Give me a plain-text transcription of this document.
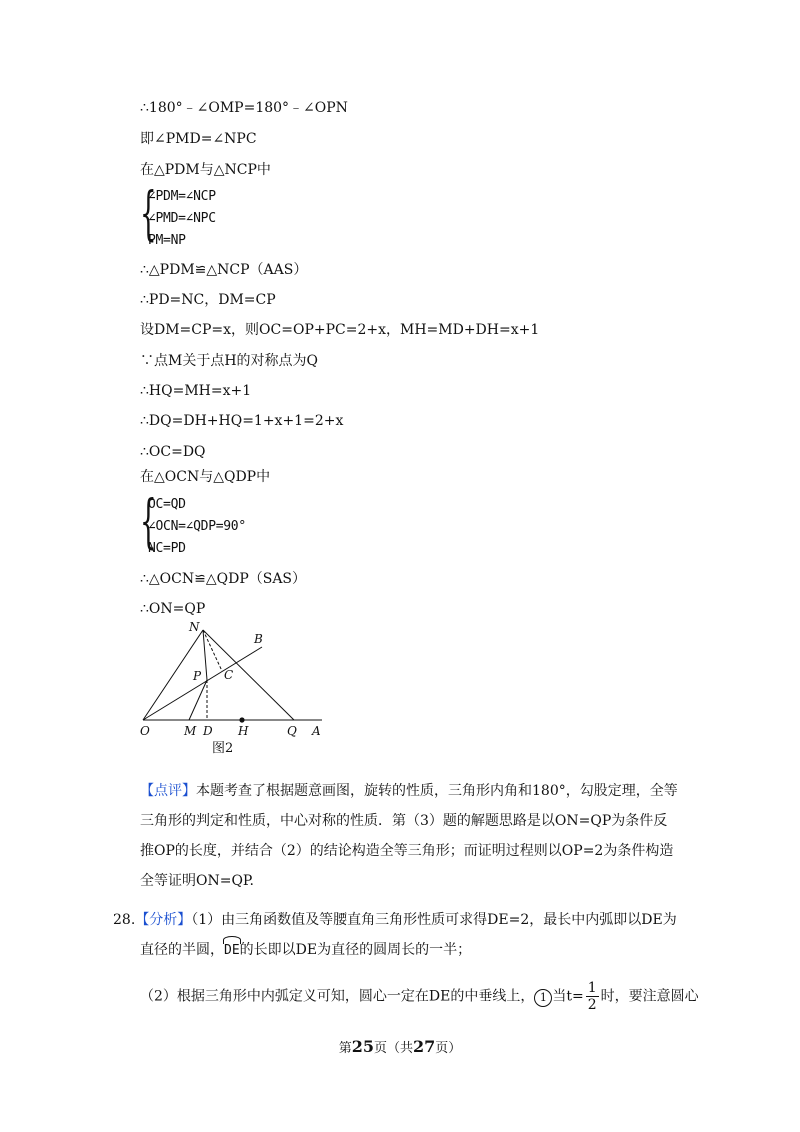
∴180°﹣∠OMP=180°﹣∠OPN
即∠PMD=∠NPC
在△PDM与△NCP中
{
∠PDM=∠NCP
∠PMD=∠NPC
PM=NP
∴△PDM≌△NCP（AAS）
∴PD=NC，DM=CP
设DM=CP=x，则OC=OP+PC=2+x，MH=MD+DH=x+1
∵点M关于点H的对称点为Q
∴HQ=MH=x+1
∴DQ=DH+HQ=1+x+1=2+x
∴OC=DQ
在△OCN与△QDP中
{
OC=QD
∠OCN=∠QDP=90°
NC=PD
∴△OCN≌△QDP（SAS）
∴ON=QP
N
B
P C
O	M D H	Q A
图2
【点评】本题考查了根据题意画图，旋转的性质，三角形内角和180°，勾股定理，全等三角形的判定和性质，中心对称的性质．第（3）题的解题思路是以ON=QP为条件反推OP的长度，并结合（2）的结论构造全等三角形；而证明过程则以OP=2为条件构造全等证明ON=QP.
28.【分析】（1）由三角函数值及等腰直角三角形性质可求得DE=2，最长中内弧即以DE为
直径的半圆，DE的长即以DE为直径的圆周长的一半；
（2）根据三角形中内弧定义可知，圆心一定在DE的中垂线上， 1 当$t= \frac{1}{2}$ 时，要注意圆心
第25页（共27页）
